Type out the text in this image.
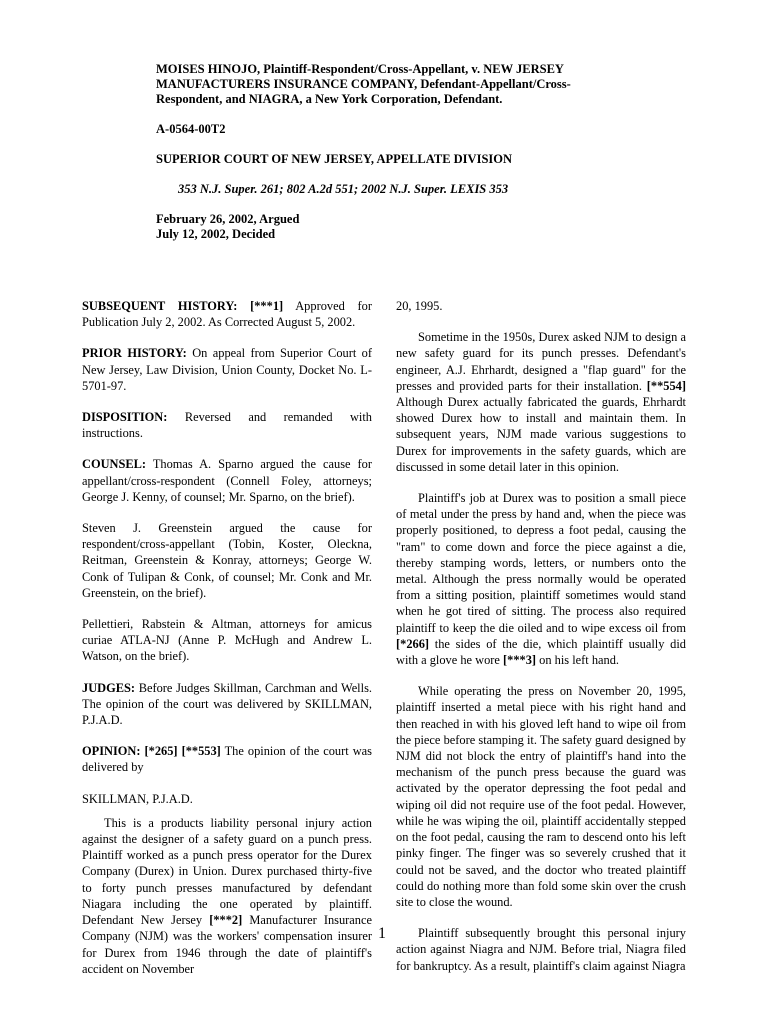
MOISES HINOJO, Plaintiff-Respondent/Cross-Appellant, v. NEW JERSEY MANUFACTURERS INSURANCE COMPANY, Defendant-Appellant/Cross-Respondent, and NIAGRA, a New York Corporation, Defendant.
A-0564-00T2
SUPERIOR COURT OF NEW JERSEY, APPELLATE DIVISION
353 N.J. Super. 261; 802 A.2d 551; 2002 N.J. Super. LEXIS 353
February 26, 2002, Argued
July 12, 2002, Decided

SUBSEQUENT HISTORY: [***1] Approved for Publication July 2, 2002. As Corrected August 5, 2002.

PRIOR HISTORY: On appeal from Superior Court of New Jersey, Law Division, Union County, Docket No. L-5701-97.

DISPOSITION: Reversed and remanded with instructions.

COUNSEL: Thomas A. Sparno argued the cause for appellant/cross-respondent (Connell Foley, attorneys; George J. Kenny, of counsel; Mr. Sparno, on the brief).

Steven J. Greenstein argued the cause for respondent/cross-appellant (Tobin, Koster, Oleckna, Reitman, Greenstein & Konray, attorneys; George W. Conk of Tulipan & Conk, of counsel; Mr. Conk and Mr. Greenstein, on the brief).

Pellettieri, Rabstein & Altman, attorneys for amicus curiae ATLA-NJ (Anne P. McHugh and Andrew L. Watson, on the brief).

JUDGES: Before Judges Skillman, Carchman and Wells. The opinion of the court was delivered by SKILLMAN, P.J.A.D.

OPINION: [*265] [**553] The opinion of the court was delivered by

SKILLMAN, P.J.A.D.

This is a products liability personal injury action against the designer of a safety guard on a punch press. Plaintiff worked as a punch press operator for the Durex Company (Durex) in Union. Durex purchased thirty-five to forty punch presses manufactured by defendant Niagara including the one operated by plaintiff. Defendant New Jersey [***2] Manufacturer Insurance Company (NJM) was the workers' compensation insurer for Durex from 1946 through the date of plaintiff's accident on November

20, 1995.

Sometime in the 1950s, Durex asked NJM to design a new safety guard for its punch presses. Defendant's engineer, A.J. Ehrhardt, designed a "flap guard" for the presses and provided parts for their installation. [**554] Although Durex actually fabricated the guards, Ehrhardt showed Durex how to install and maintain them. In subsequent years, NJM made various suggestions to Durex for improvements in the safety guards, which are discussed in some detail later in this opinion.

Plaintiff's job at Durex was to position a small piece of metal under the press by hand and, when the piece was properly positioned, to depress a foot pedal, causing the "ram" to come down and force the piece against a die, thereby stamping words, letters, or numbers onto the metal. Although the press normally would be operated from a sitting position, plaintiff sometimes would stand when he got tired of sitting. The process also required plaintiff to keep the die oiled and to wipe excess oil from [*266] the sides of the die, which plaintiff usually did with a glove he wore [***3] on his left hand.

While operating the press on November 20, 1995, plaintiff inserted a metal piece with his right hand and then reached in with his gloved left hand to wipe oil from the piece before stamping it. The safety guard designed by NJM did not block the entry of plaintiff's hand into the mechanism of the punch press because the guard was activated by the operator depressing the foot pedal and wiping oil did not require use of the foot pedal. However, while he was wiping the oil, plaintiff accidentally stepped on the foot pedal, causing the ram to descend onto his left pinky finger. The finger was so severely crushed that it could not be saved, and the doctor who treated plaintiff could do nothing more than fold some skin over the crush site to close the wound.

Plaintiff subsequently brought this personal injury action against Niagra and NJM. Before trial, Niagra filed for bankruptcy. As a result, plaintiff's claim against Niagra

1
